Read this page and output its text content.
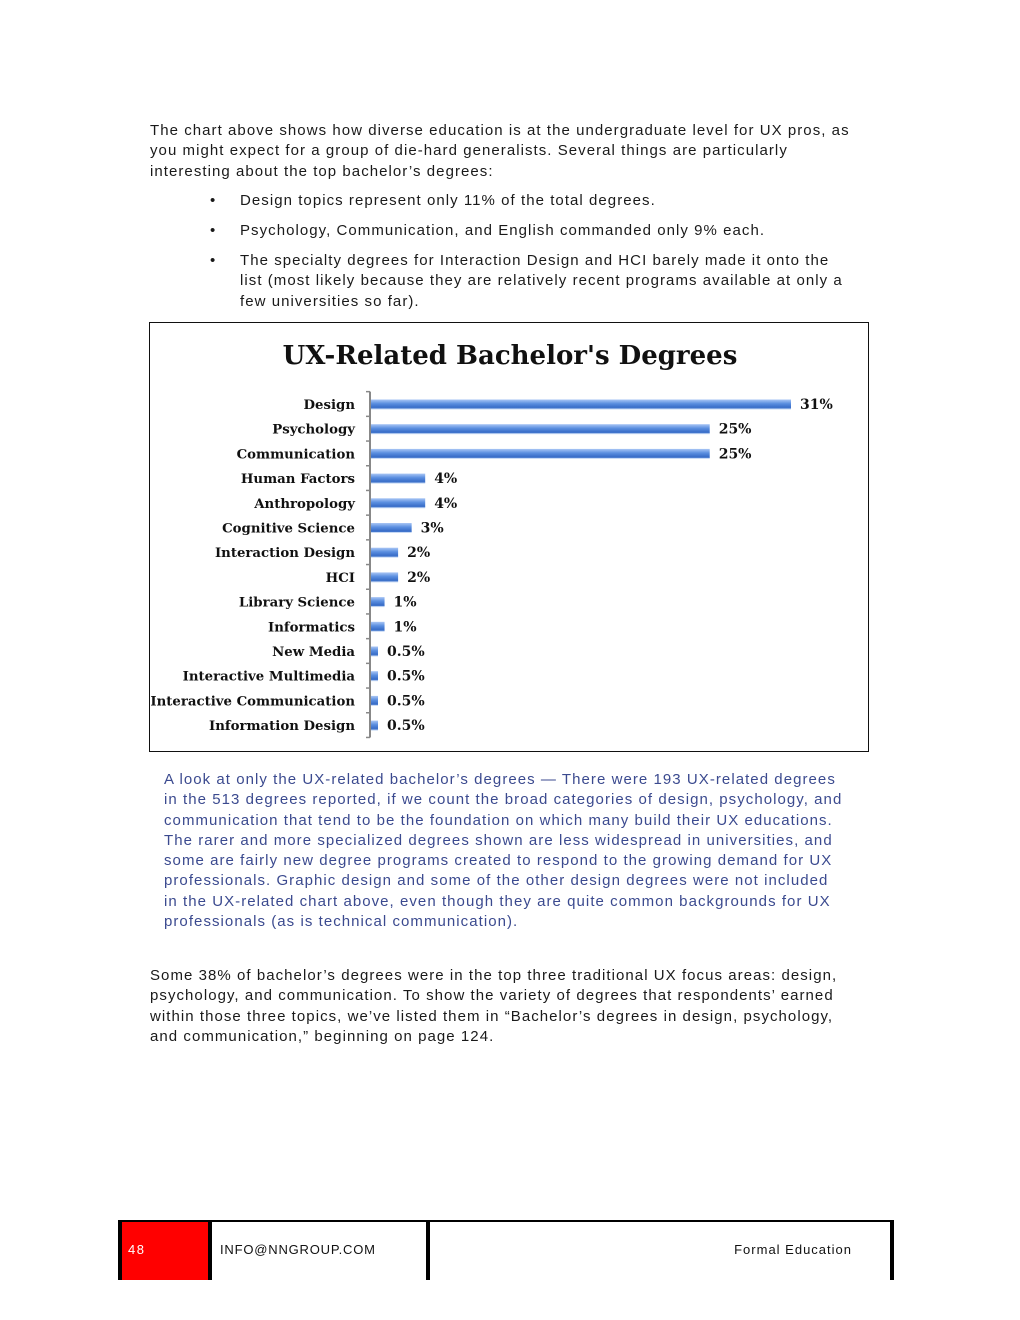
The chart above shows how diverse education is at the undergraduate level for UX pros, as you might expect for a group of die-hard generalists. Several things are particularly interesting about the top bachelor’s degrees:

• Design topics represent only 11% of the total degrees.
• Psychology, Communication, and English commanded only 9% each.
• The specialty degrees for Interaction Design and HCI barely made it onto the list (most likely because they are relatively recent programs available at only a few universities so far).
UX-Related Bachelor's Degrees
Design	31%
Psychology	25%
Communication	25%
Human Factors	4%
Anthropology	4%
Cognitive Science	3%
Interaction Design	2%
HCI	2%
Library Science	1%
Informatics	1%
New Media 0.5%
Interactive Multimedia 0.5%
Interactive Communication 0.5%
Information Design 0.5%

A look at only the UX-related bachelor’s degrees — There were 193 UX-related degrees in the 513 degrees reported, if we count the broad categories of design, psychology, and communication that tend to be the foundation on which many build their UX educations. The rarer and more specialized degrees shown are less widespread in universities, and some are fairly new degree programs created to respond to the growing demand for UX professionals. Graphic design and some of the other design degrees were not included in the UX-related chart above, even though they are quite common backgrounds for UX professionals (as is technical communication).

Some 38% of bachelor’s degrees were in the top three traditional UX focus areas: design, psychology, and communication. To show the variety of degrees that respondents’ earned within those three topics, we’ve listed them in “Bachelor’s degrees in design, psychology, and communication,” beginning on page 124.

48	INFO@NNGROUP.COM	Formal Education
